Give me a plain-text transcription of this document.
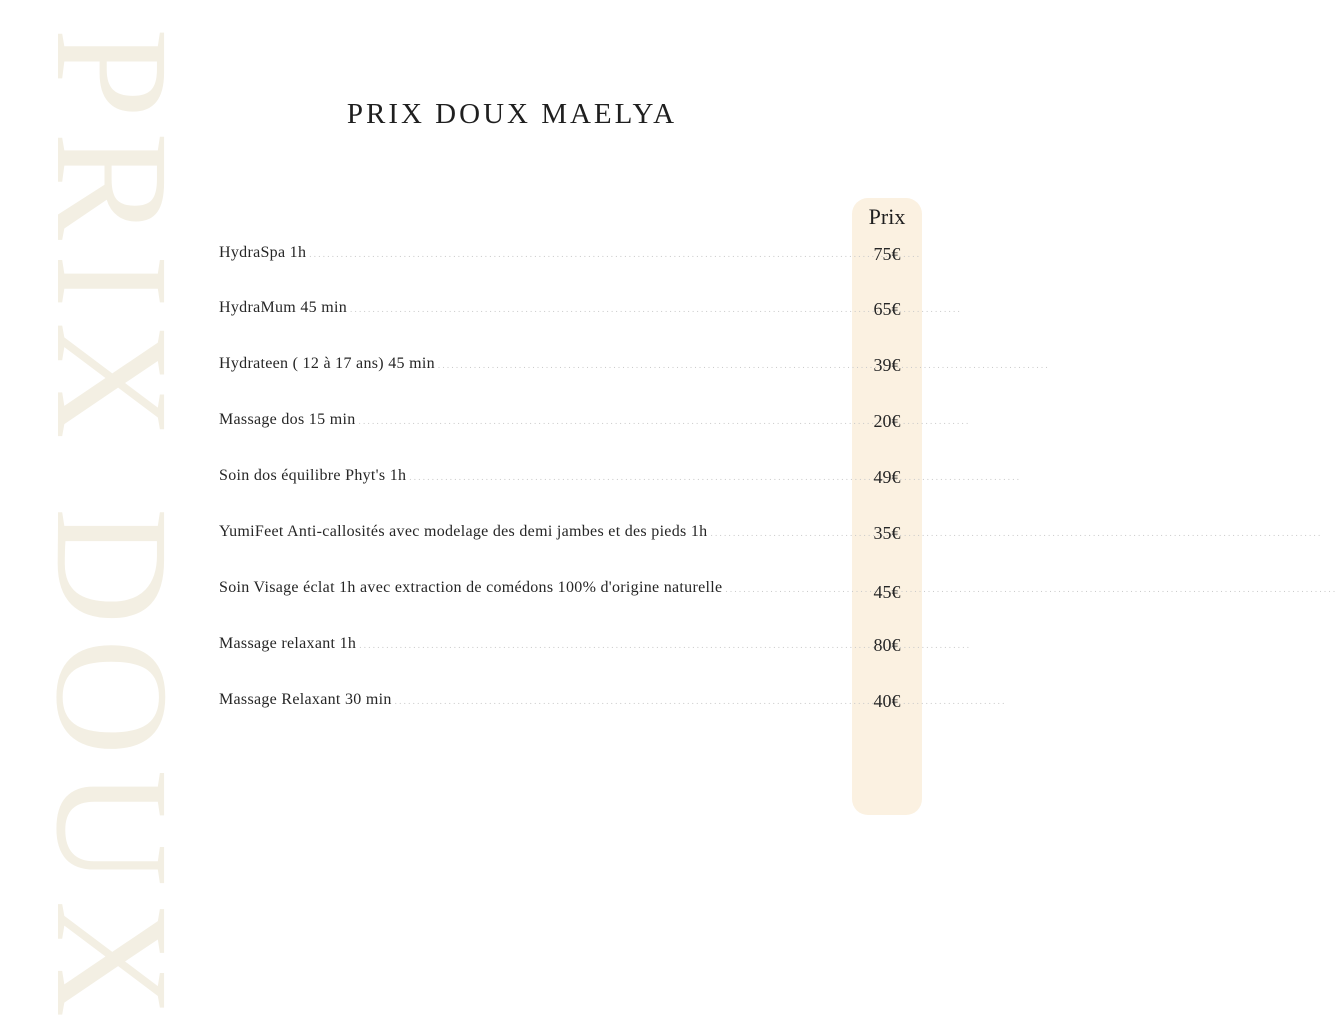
PRIX DOUX	PRIX DOUX MAELYA
Prix
HydraSpa 1h . . .	75€
HydraMum 45 min . . .	65€
Hydrateen ( 12 à 17 ans) 45 min . . .	39€
Massage dos 15 min . . .	20€
Soin dos équilibre Phyt's 1h . . .	49€
YumiFeet Anti-callosités avec modelage des demi jambes et des pieds 1h . . .	35€
Soin Visage éclat 1h avec extraction de comédons 100% d'origine naturelle . . .	45€
Massage relaxant 1h . . .	80€
Massage Relaxant 30 min . . .	40€
